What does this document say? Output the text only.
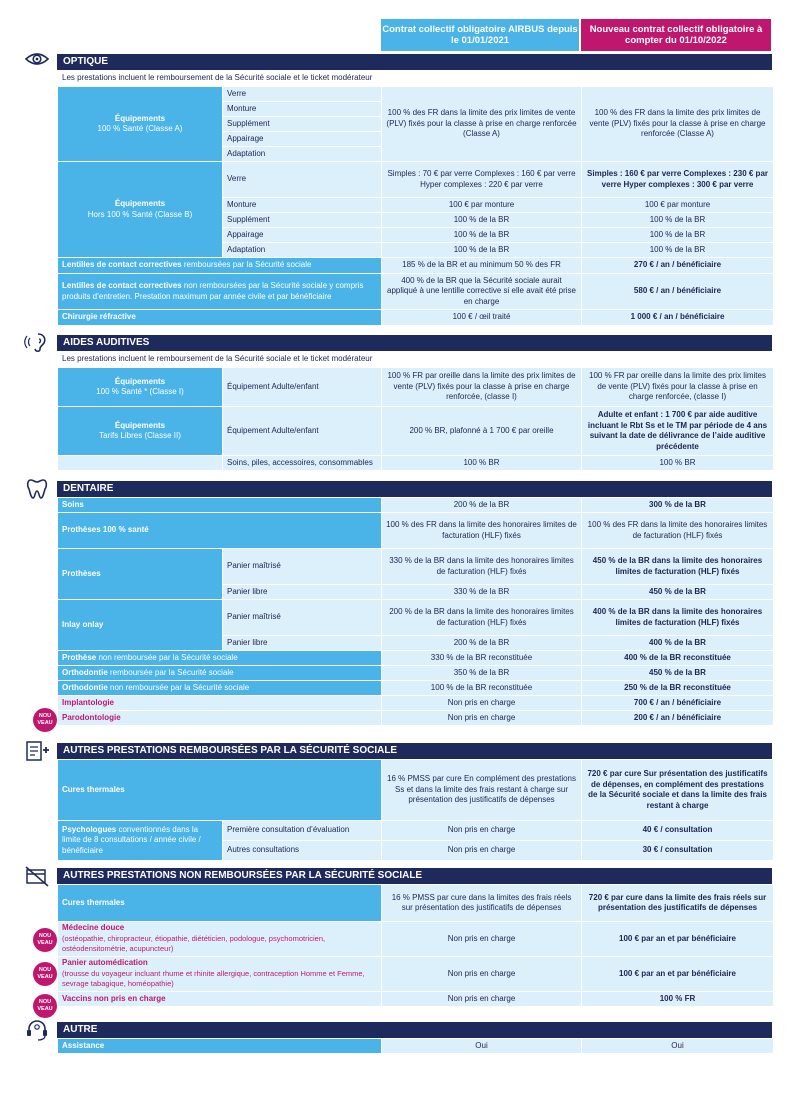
Contrat collectif obligatoire AIRBUS depuis le 01/01/2021
Nouveau contrat collectif obligatoire à compter du 01/10/2022
OPTIQUE
Les prestations incluent le remboursement de la Sécurité sociale et le ticket modérateur			
Équipements
100 % Santé (Classe A)	Verre	100 % des FR dans la limite des prix limites de vente (PLV) fixés pour la classe à prise en charge renforcée (Classe A)	100 % des FR dans la limite des prix limites de vente (PLV) fixés pour la classe à prise en charge renforcée (Classe A)
	Monture		
	Supplément		
	Appairage		
	Adaptation		
Équipements
Hors 100 % Santé (Classe B)	Verre	Simples : 70 € par verre Complexes : 160 € par verre Hyper complexes : 220 € par verre	Simples : 160 € par verre Complexes : 230 € par verre Hyper complexes : 300 € par verre
	Monture	100 € par monture	100 € par monture
	Supplément	100 % de la BR	100 % de la BR
	Appairage	100 % de la BR	100 % de la BR
	Adaptation	100 % de la BR	100 % de la BR
Lentilles de contact correctives remboursées par la Sécurité sociale		185 % de la BR et au minimum 50 % des FR	270 € / an / bénéficiaire
Lentilles de contact correctives non remboursées par la Sécurité sociale y compris produits d’entretien. Prestation maximum par année civile et par bénéficiaire		400 % de la BR que la Sécurité sociale aurait appliqué à une lentille corrective si elle avait été prise en charge	580 € / an / bénéficiaire
Chirurgie réfractive		100 € / œil traité	1 000 € / an / bénéficiaire
AIDES AUDITIVES
Les prestations incluent le remboursement de la Sécurité sociale et le ticket modérateur			
Équipements
100 % Santé * (Classe I)	Équipement Adulte/enfant	100 % FR par oreille dans la limite des prix limites de vente (PLV) fixés pour la classe à prise en charge renforcée, (classe I)	100 % FR par oreille dans la limite des prix limites de vente (PLV) fixés pour la classe à prise en charge renforcée, (classe I)
Équipements
Tarifs Libres (Classe II)	Équipement Adulte/enfant	200 % BR, plafonné à 1 700 € par oreille	Adulte et enfant : 1 700 € par aide auditive incluant le Rbt Ss et le TM par période de 4 ans suivant la date de délivrance de l’aide auditive précédente
	Soins, piles, accessoires, consommables	100 % BR	100 % BR
DENTAIRE
Soins		200 % de la BR	300 % de la BR
Prothèses 100 % santé		100 % des FR dans la limite des honoraires limites de facturation (HLF) fixés	100 % des FR dans la limite des honoraires limites de facturation (HLF) fixés
Prothèses	Panier maîtrisé	330 % de la BR dans la limite des honoraires limites de facturation (HLF) fixés	450 % de la BR dans la limite des honoraires limites de facturation (HLF) fixés
	Panier libre	330 % de la BR	450 % de la BR
Inlay onlay	Panier maîtrisé	200 % de la BR dans la limite des honoraires limites de facturation (HLF) fixés	400 % de la BR dans la limite des honoraires limites de facturation (HLF) fixés
	Panier libre	200 % de la BR	400 % de la BR
Prothèse non remboursée par la Sécurité sociale		330 % de la BR reconstituée	400 % de la BR reconstituée
Orthodontie remboursée par la Sécurité sociale		350 % de la BR	450 % de la BR
Orthodontie non remboursée par la Sécurité sociale		100 % de la BR reconstituée	250 % de la BR reconstituée
Implantologie		Non pris en charge	700 € / an / bénéficiaire
Parodontologie		Non pris en charge	200 € / an / bénéficiaire
NOU VEAU
AUTRES PRESTATIONS REMBOURSÉES PAR LA SÉCURITÉ SOCIALE
Cures thermales		16 % PMSS par cure En complément des prestations Ss et dans la limite des frais restant à charge sur présentation des justificatifs de dépenses	720 € par cure Sur présentation des justificatifs de dépenses, en complément des prestations de la Sécurité sociale et dans la limite des frais restant à charge
Psychologues conventionnés dans la limite de 8 consultations / année civile / bénéficiaire	Première consultation d’évaluation	Non pris en charge	40 € / consultation
	Autres consultations	Non pris en charge	30 € / consultation
AUTRES PRESTATIONS NON REMBOURSÉES PAR LA SÉCURITÉ SOCIALE
Cures thermales	16 % PMSS par cure dans la limites des frais réels sur présentation des justificatifs de dépenses	720 € par cure dans la limite des frais réels sur présentation des justificatifs de dépenses
Médecine douce
(ostéopathie, chiropracteur, étiopathie, diététicien, podologue, psychomotricien, ostéodensitométrie, acupuncteur)	Non pris en charge	100 € par an et par bénéficiaire
Panier automédication
(trousse du voyageur incluant rhume et rhinite allergique, contraception Homme et Femme, sevrage tabagique, homéopathie)	Non pris en charge	100 € par an et par bénéficiaire
Vaccins non pris en charge	Non pris en charge	100 % FR
NOU VEAU
NOU VEAU
NOU VEAU
AUTRE
Assistance	Oui	Oui
